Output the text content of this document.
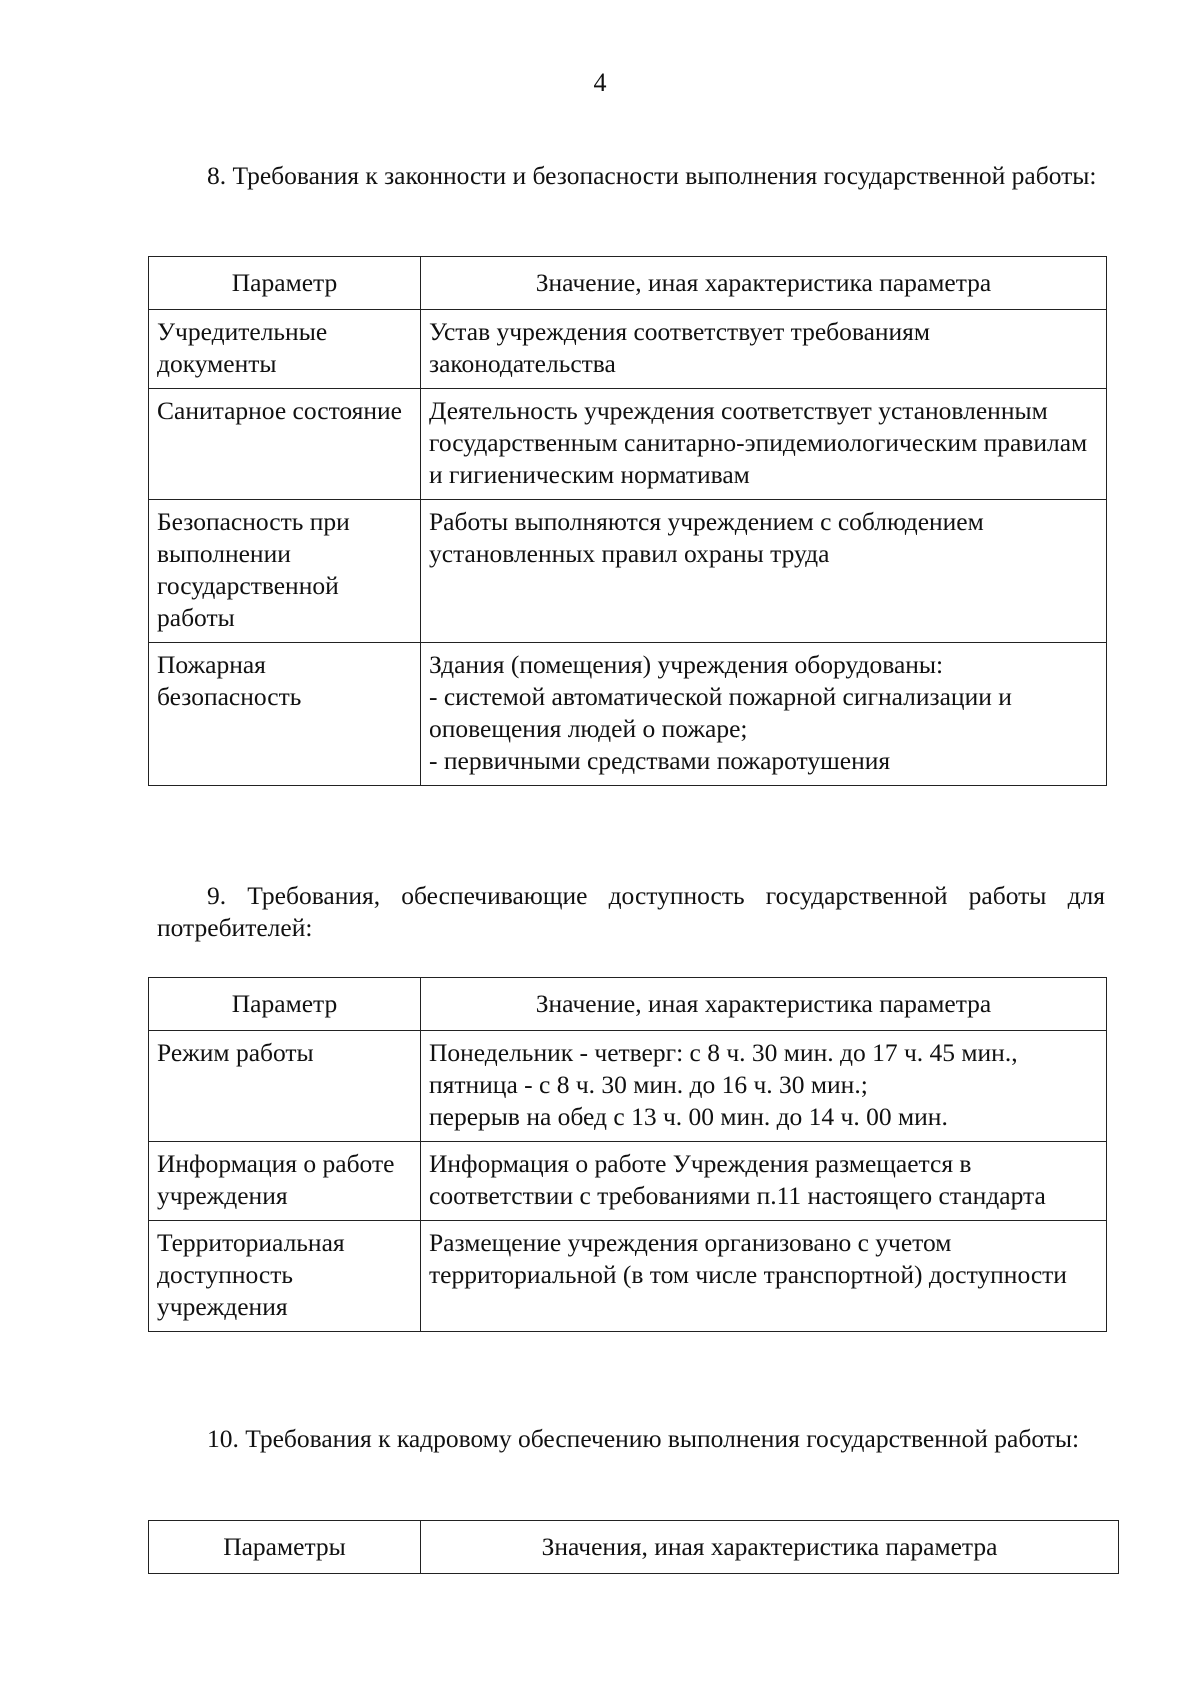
4
8. Требования к законности и безопасности выполнения государственной работы:
Параметр	Значение, иная характеристика параметра
Учредительные документы	Устав учреждения соответствует требованиям законодательства
Санитарное состояние	Деятельность учреждения соответствует установленным государственным санитарно-эпидемиологическим правилам и гигиеническим нормативам
Безопасность при выполнении государственной работы	Работы выполняются учреждением с соблюдением установленных правил охраны труда
Пожарная безопасность	Здания (помещения) учреждения оборудованы:
- системой автоматической пожарной сигнализации и оповещения людей о пожаре;
- первичными средствами пожаротушения
9. Требования, обеспечивающие доступность государственной работы для потребителей:
Параметр	Значение, иная характеристика параметра
Режим работы	Понедельник - четверг: с 8 ч. 30 мин. до 17 ч. 45 мин.,
пятница - с 8 ч. 30 мин. до 16 ч. 30 мин.;
перерыв на обед с 13 ч. 00 мин. до 14 ч. 00 мин.
Информация о работе учреждения	Информация о работе Учреждения размещается в соответствии с требованиями п.11 настоящего стандарта
Территориальная доступность учреждения	Размещение учреждения организовано с учетом территориальной (в том числе транспортной) доступности
10. Требования к кадровому обеспечению выполнения государственной работы:
Параметры	Значения, иная характеристика параметра
